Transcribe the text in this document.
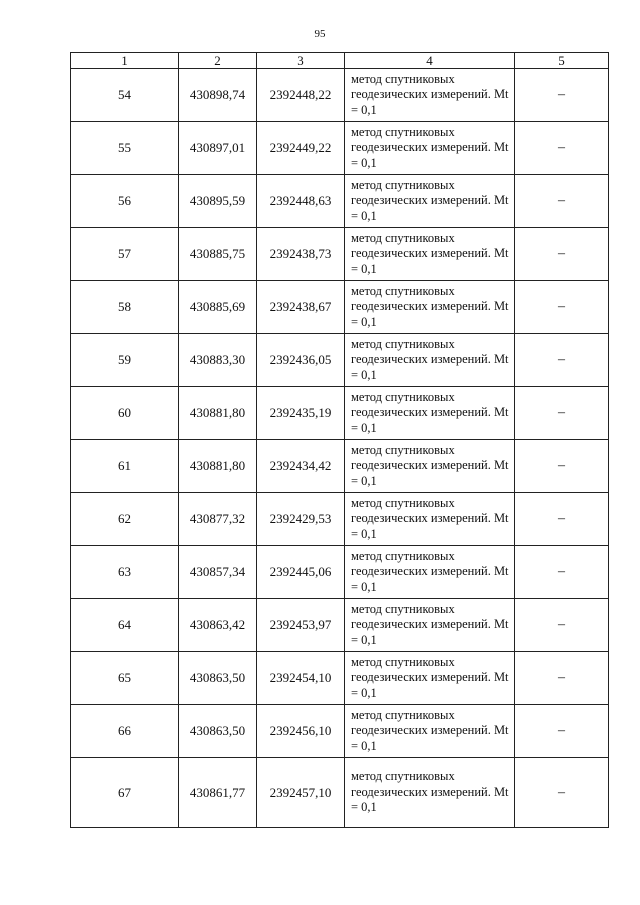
95
1	2	3	4	5
54	430898,74	2392448,22	метод спутниковых геодезических измерений. Mt = 0,1	–
55	430897,01	2392449,22	метод спутниковых геодезических измерений. Mt = 0,1	–
56	430895,59	2392448,63	метод спутниковых геодезических измерений. Mt = 0,1	–
57	430885,75	2392438,73	метод спутниковых геодезических измерений. Mt = 0,1	–
58	430885,69	2392438,67	метод спутниковых геодезических измерений. Mt = 0,1	–
59	430883,30	2392436,05	метод спутниковых геодезических измерений. Mt = 0,1	–
60	430881,80	2392435,19	метод спутниковых геодезических измерений. Mt = 0,1	–
61	430881,80	2392434,42	метод спутниковых геодезических измерений. Mt = 0,1	–
62	430877,32	2392429,53	метод спутниковых геодезических измерений. Mt = 0,1	–
63	430857,34	2392445,06	метод спутниковых геодезических измерений. Mt = 0,1	–
64	430863,42	2392453,97	метод спутниковых геодезических измерений. Mt = 0,1	–
65	430863,50	2392454,10	метод спутниковых геодезических измерений. Mt = 0,1	–
66	430863,50	2392456,10	метод спутниковых геодезических измерений. Mt = 0,1	–
67	430861,77	2392457,10	метод спутниковых геодезических измерений. Mt = 0,1	–
